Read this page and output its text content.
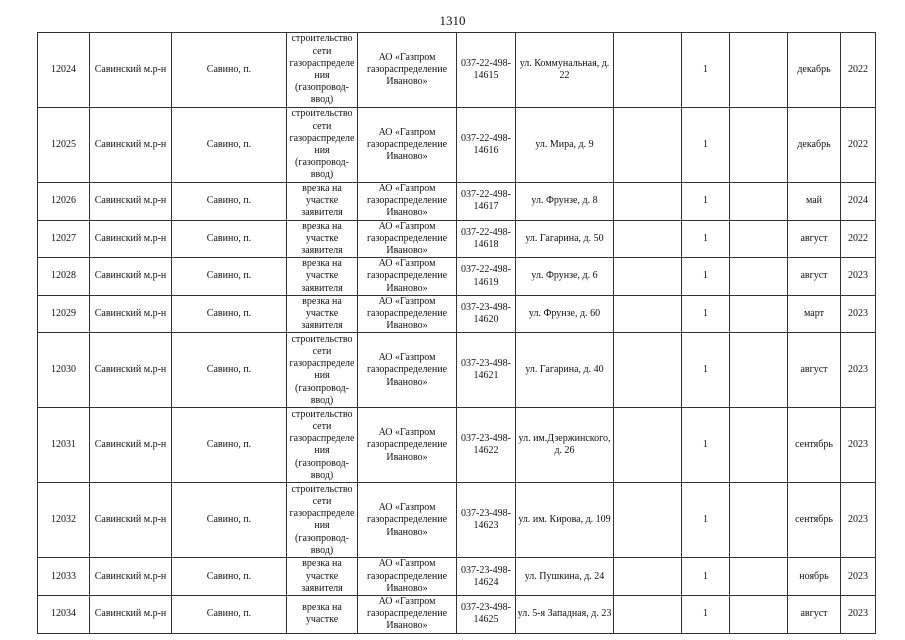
1310
12024	Савинский м.р-н	Савино, п.	строительство сети газораспределения (газопровод-ввод)	АО «Газпром газораспределение Иваново»	037-22-498-14615	ул. Коммунальная, д. 22		1		декабрь	2022
12025	Савинский м.р-н	Савино, п.	строительство сети газораспределения (газопровод-ввод)	АО «Газпром газораспределение Иваново»	037-22-498-14616	ул. Мира, д. 9		1		декабрь	2022
12026	Савинский м.р-н	Савино, п.	врезка на участке заявителя	АО «Газпром газораспределение Иваново»	037-22-498-14617	ул. Фрунзе, д. 8		1		май	2024
12027	Савинский м.р-н	Савино, п.	врезка на участке заявителя	АО «Газпром газораспределение Иваново»	037-22-498-14618	ул. Гагарина, д. 50		1		август	2022
12028	Савинский м.р-н	Савино, п.	врезка на участке заявителя	АО «Газпром газораспределение Иваново»	037-22-498-14619	ул. Фрунзе, д. 6		1		август	2023
12029	Савинский м.р-н	Савино, п.	врезка на участке заявителя	АО «Газпром газораспределение Иваново»	037-23-498-14620	ул. Фрунзе, д. 60		1		март	2023
12030	Савинский м.р-н	Савино, п.	строительство сети газораспределения (газопровод-ввод)	АО «Газпром газораспределение Иваново»	037-23-498-14621	ул. Гагарина, д. 40		1		август	2023
12031	Савинский м.р-н	Савино, п.	строительство сети газораспределения (газопровод-ввод)	АО «Газпром газораспределение Иваново»	037-23-498-14622	ул. им.Дзержинского, д. 26		1		сентябрь	2023
12032	Савинский м.р-н	Савино, п.	строительство сети газораспределения (газопровод-ввод)	АО «Газпром газораспределение Иваново»	037-23-498-14623	ул. им. Кирова, д. 109		1		сентябрь	2023
12033	Савинский м.р-н	Савино, п.	врезка на участке заявителя	АО «Газпром газораспределение Иваново»	037-23-498-14624	ул. Пушкина, д. 24		1		ноябрь	2023
12034	Савинский м.р-н	Савино, п.	врезка на участке	АО «Газпром газораспределение Иваново»	037-23-498-14625	ул. 5-я Западная, д. 23		1		август	2023
